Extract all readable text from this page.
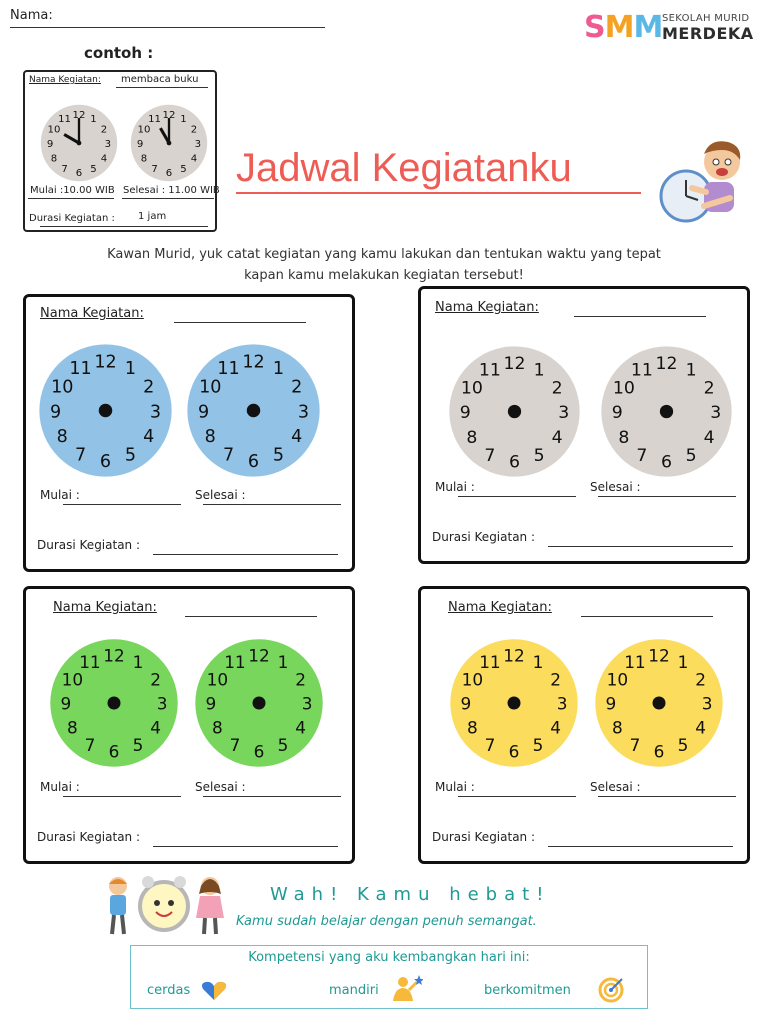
Nama:	SMM SEKOLAH MURID
MERDEKA
contoh :
Nama Kegiatan: membaca buku
12 1
2
3
4
5
6
7
8
9
10
11	12 1
2
3
4
5
6
7
8
9
10
11
Mulai :10.00 WIB Selesai : 11.00 WIB
Durasi Kegiatan : 1 jam
Jadwal Kegiatanku
Kawan Murid, yuk catat kegiatan yang kamu lakukan dan tentukan waktu yang tepat
kapan kamu melakukan kegiatan tersebut!
Nama Kegiatan:
12 1
2
3
4
5
6
7
8
9
10
11	12 1
2
3
4
5
6
7
8
9
10
11
Mulai :	Selesai :
Durasi Kegiatan :
Nama Kegiatan:
12 1
2
3
4
5
6
7
8
9
10
11	12 1
2
3
4
5
6
7
8
9
10
11
Mulai :	Selesai :
Durasi Kegiatan :
Nama Kegiatan:
12 1
2
3
4
5
6
7
8
9
10
11	12 1
2
3
4
5
6
7
8
9
10
11
Mulai :	Selesai :
Durasi Kegiatan :
Nama Kegiatan:
12 1
2
3
4
5
6
7
8
9
10
11	12 1
2
3
4
5
6
7
8
9
10
11
Mulai :	Selesai :
Durasi Kegiatan :
Wah! Kamu hebat!
Kamu sudah belajar dengan penuh semangat.
Kompetensi yang aku kembangkan hari ini:
cerdas	mandiri	berkomitmen
